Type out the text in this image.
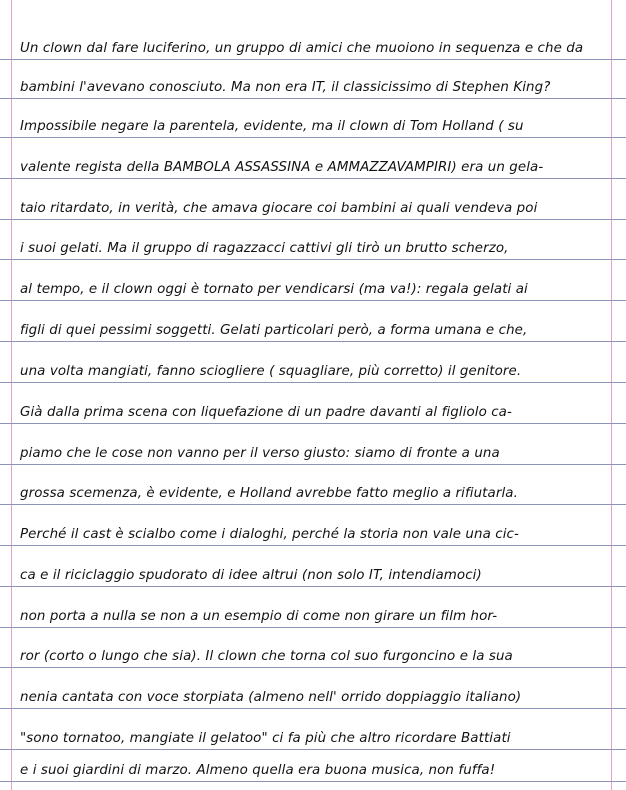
Un clown dal fare luciferino, un gruppo di amici che muoiono in sequenza e che da
bambini l'avevano conosciuto. Ma non era IT, il classicissimo di Stephen King?
Impossibile negare la parentela, evidente, ma il clown di Tom Holland ( su
valente regista della BAMBOLA ASSASSINA e AMMAZZAVAMPIRI) era un gela-
taio ritardato, in verità, che amava giocare coi bambini ai quali vendeva poi
i suoi gelati. Ma il gruppo di ragazzacci cattivi gli tirò un brutto scherzo,
al tempo, e il clown oggi è tornato per vendicarsi (ma va!): regala gelati ai
figli di quei pessimi soggetti. Gelati particolari però, a forma umana e che,
una volta mangiati, fanno sciogliere ( squagliare, più corretto) il genitore.
Già dalla prima scena con liquefazione di un padre davanti al figliolo ca-
piamo che le cose non vanno per il verso giusto: siamo di fronte a una
grossa scemenza, è evidente, e Holland avrebbe fatto meglio a rifiutarla.
Perché il cast è scialbo come i dialoghi, perché la storia non vale una cic-
ca e il riciclaggio spudorato di idee altrui (non solo IT, intendiamoci)
non porta a nulla se non a un esempio di come non girare un film hor-
ror (corto o lungo che sia). Il clown che torna col suo furgoncino e la sua
nenia cantata con voce storpiata (almeno nell' orrido doppiaggio italiano)
"sono tornatoo, mangiate il gelatoo" ci fa più che altro ricordare Battiati
e i suoi giardini di marzo. Almeno quella era buona musica, non fuffa!
